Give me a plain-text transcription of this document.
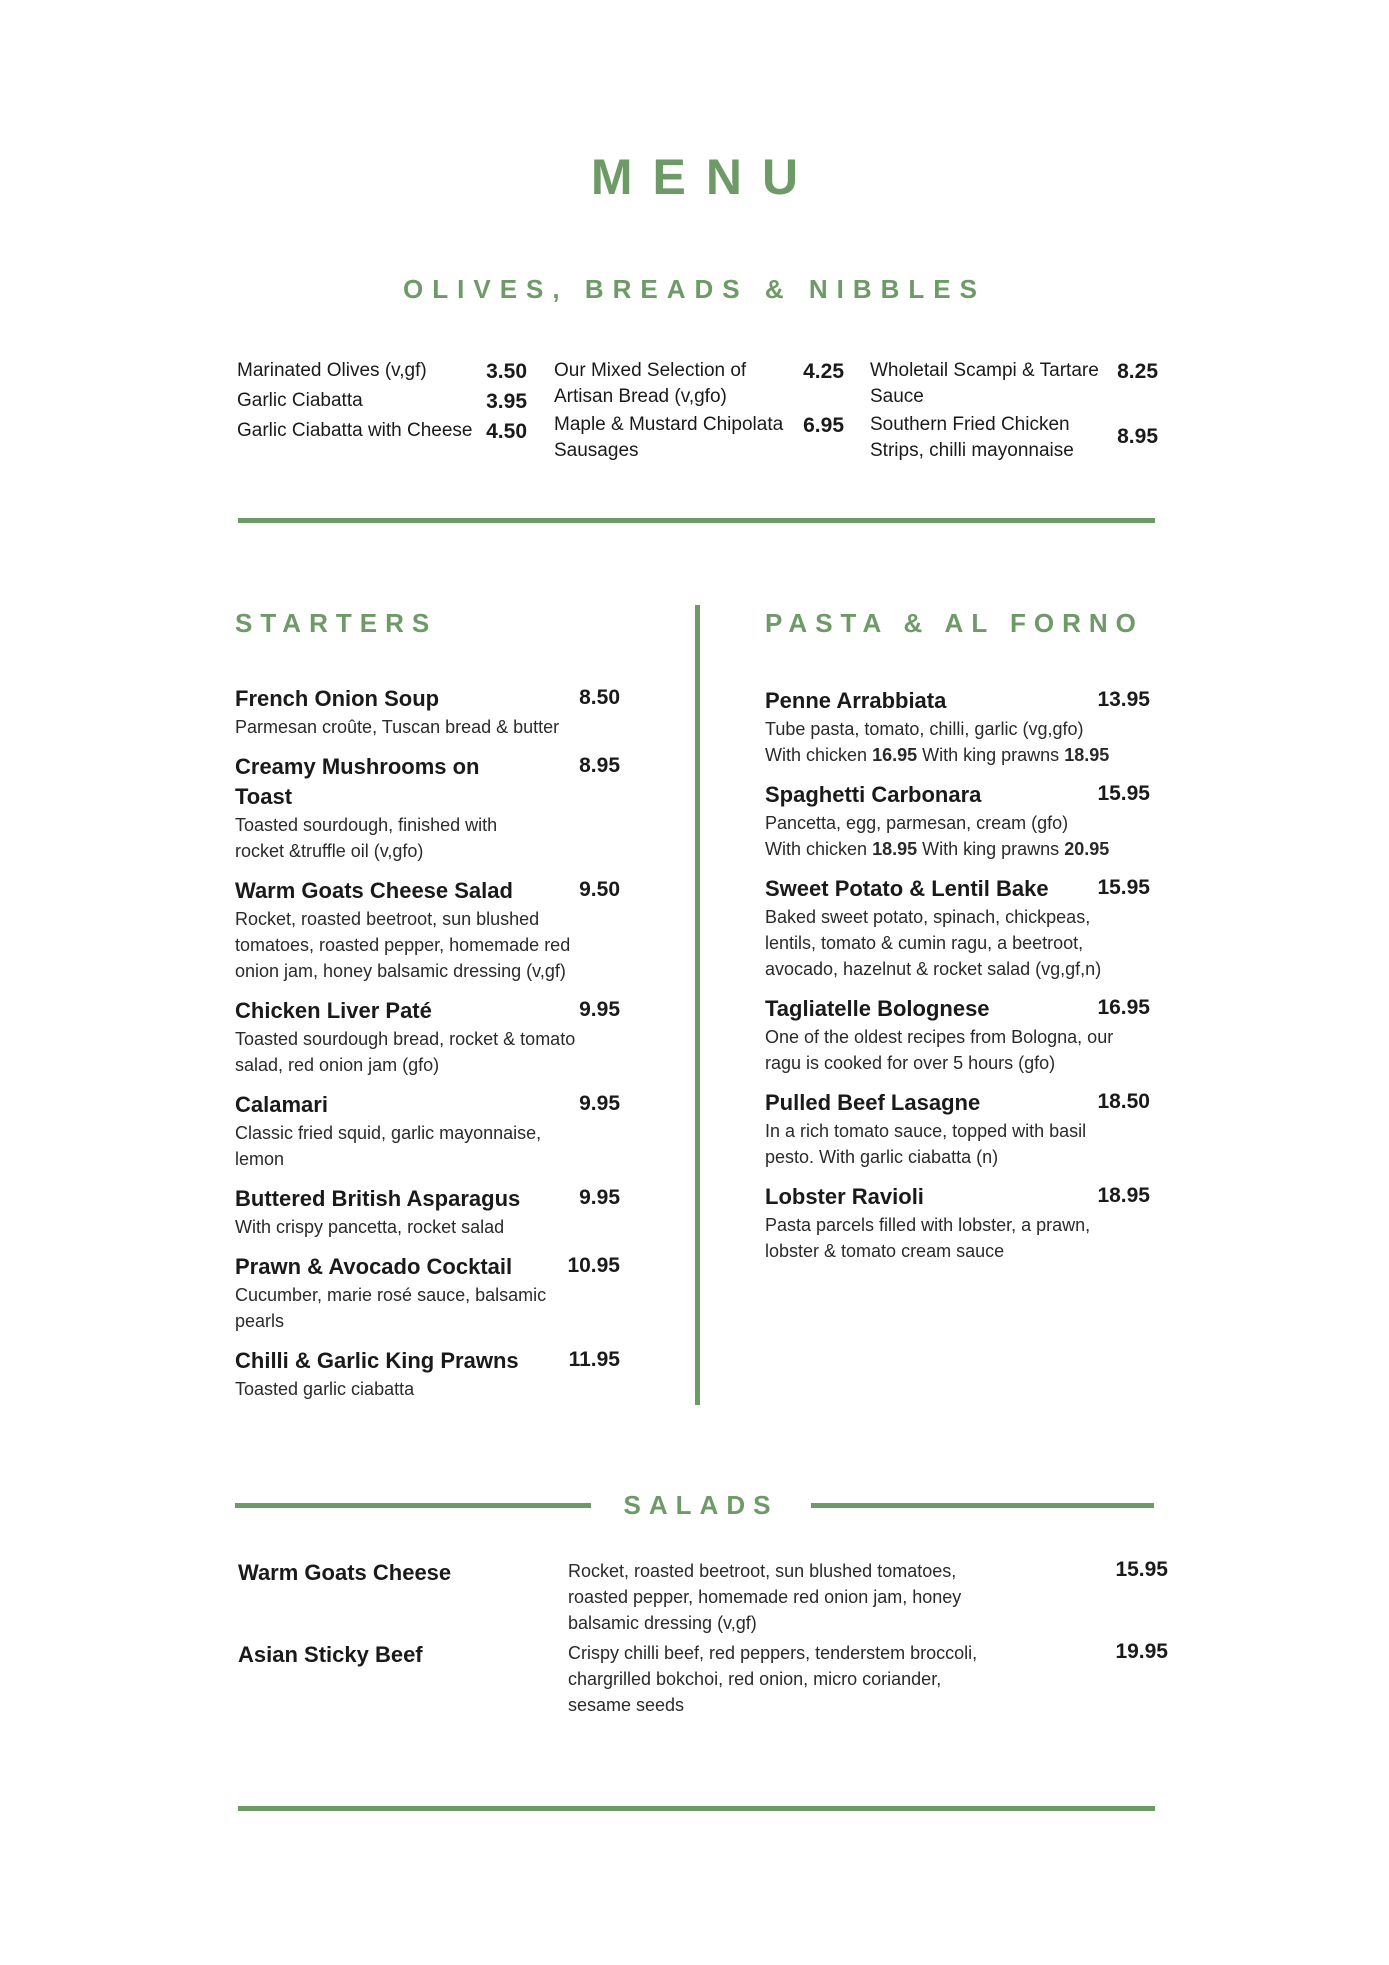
MENU
OLIVES, BREADS & NIBBLES
Marinated Olives (v,gf)	3.50
Garlic Ciabatta	3.95
Garlic Ciabatta with Cheese 4.50
Our Mixed Selection of
Artisan Bread (v,gfo)
4.25
Maple & Mustard Chipolata
Sausages
6.95
Wholetail Scampi & Tartare
Sauce
8.25
Southern Fried Chicken
Strips, chilli mayonnaise
8.95
STARTERS	PASTA & AL FORNO
French Onion Soup	8.50
Parmesan croûte, Tuscan bread & butter
Creamy Mushrooms on Toast
8.95
Toasted sourdough, finished with rocket &truffle oil (v,gfo)
Warm Goats Cheese Salad	9.50
Rocket, roasted beetroot, sun blushed tomatoes, roasted pepper, homemade red onion jam, honey balsamic dressing (v,gf)
Chicken Liver Paté	9.95
Toasted sourdough bread, rocket & tomato salad, red onion jam (gfo)
Calamari	9.95
Classic fried squid, garlic mayonnaise, lemon
Buttered British Asparagus	9.95
With crispy pancetta, rocket salad
Prawn & Avocado Cocktail	10.95
Cucumber, marie rosé sauce, balsamic pearls
Chilli & Garlic King Prawns	11.95
Toasted garlic ciabatta
Penne Arrabbiata	13.95
Tube pasta, tomato, chilli, garlic (vg,gfo)
With chicken 16.95 With king prawns 18.95
Spaghetti Carbonara	15.95
Pancetta, egg, parmesan, cream (gfo)
With chicken 18.95 With king prawns 20.95
Sweet Potato & Lentil Bake	15.95
Baked sweet potato, spinach, chickpeas, lentils, tomato & cumin ragu, a beetroot, avocado, hazelnut & rocket salad (vg,gf,n)
Tagliatelle Bolognese	16.95
One of the oldest recipes from Bologna, our ragu is cooked for over 5 hours (gfo)
Pulled Beef Lasagne	18.50
In a rich tomato sauce, topped with basil pesto. With garlic ciabatta (n)
Lobster Ravioli	18.95
Pasta parcels filled with lobster, a prawn, lobster & tomato cream sauce
SALADS
Warm Goats Cheese	Rocket, roasted beetroot, sun blushed tomatoes, roasted pepper, homemade red onion jam, honey balsamic dressing (v,gf)
15.95
Asian Sticky Beef	Crispy chilli beef, red peppers, tenderstem broccoli, chargrilled bokchoi, red onion, micro coriander, sesame seeds
19.95
